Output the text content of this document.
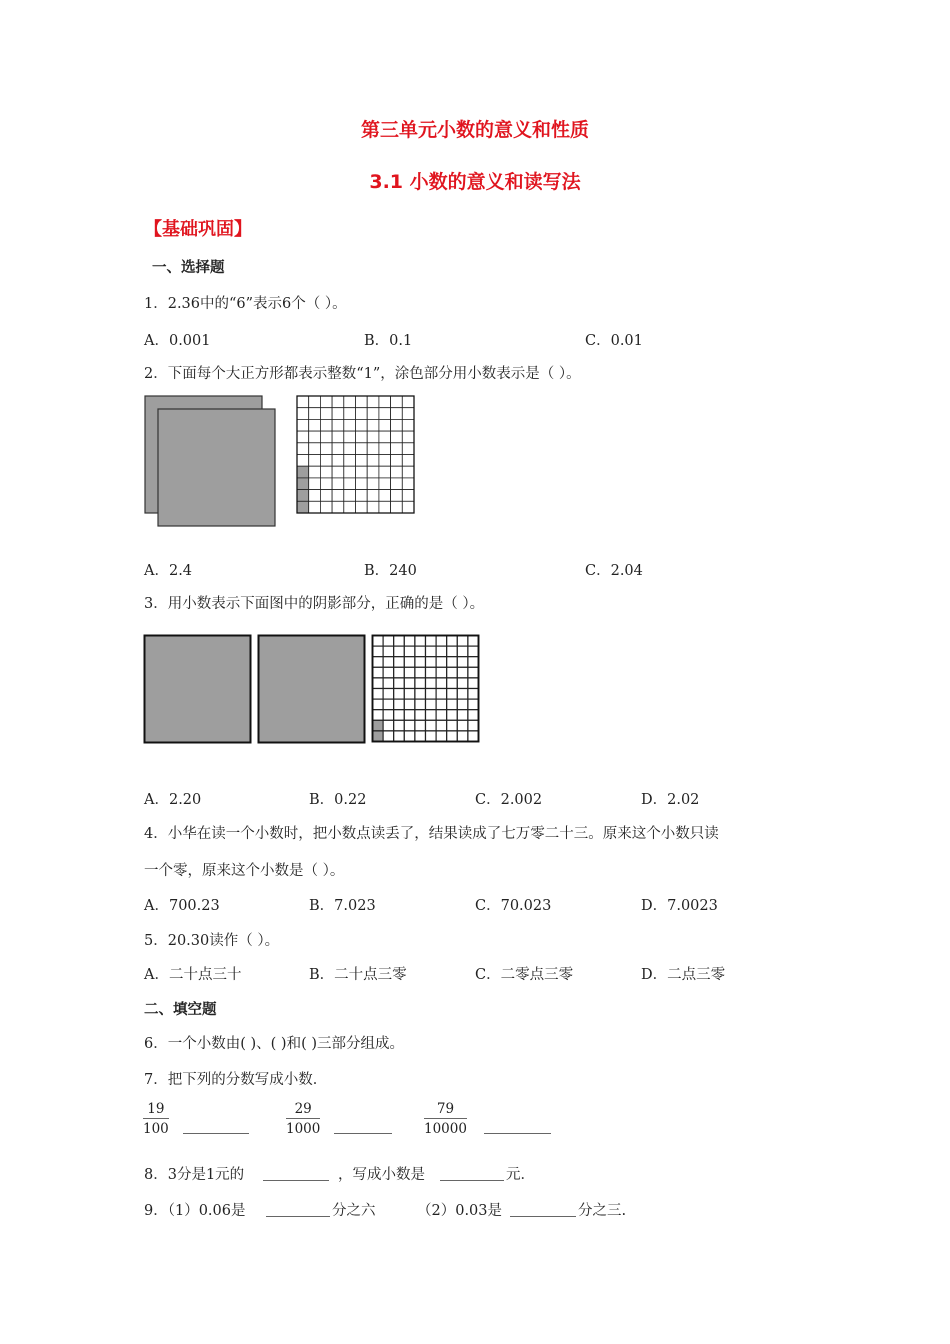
第三单元小数的意义和性质
3.1 小数的意义和读写法
【基础巩固】
一、选择题
1．2.36中的“6”表示6个（ ）。
A．0.001	B．0.1	C．0.01
2．下面每个大正方形都表示整数“1”，涂色部分用小数表示是（ ）。
A．2.4	B．240	C．2.04
3．用小数表示下面图中的阴影部分，正确的是（ ）。
A．2.20	B．0.22	C．2.002	D．2.02
4．小华在读一个小数时，把小数点读丢了，结果读成了七万零二十三。原来这个小数只读
一个零，原来这个小数是（ ）。
A．700.23	B．7.023	C．70.023	D．7.0023
5．20.30读作（ ）。
A．二十点三十	B．二十点三零	C．二零点三零	D．二点三零
二、填空题
6．一个小数由( )、( )和( )三部分组成。
7．把下列的分数写成小数．
$\frac{19}{100}$	$\frac{29}{1000}$	$\frac{79}{10000}$
8．3分是1元的	，写成小数是	元．
9．（1）0.06是	分之六	（2）0.03是	分之三.
